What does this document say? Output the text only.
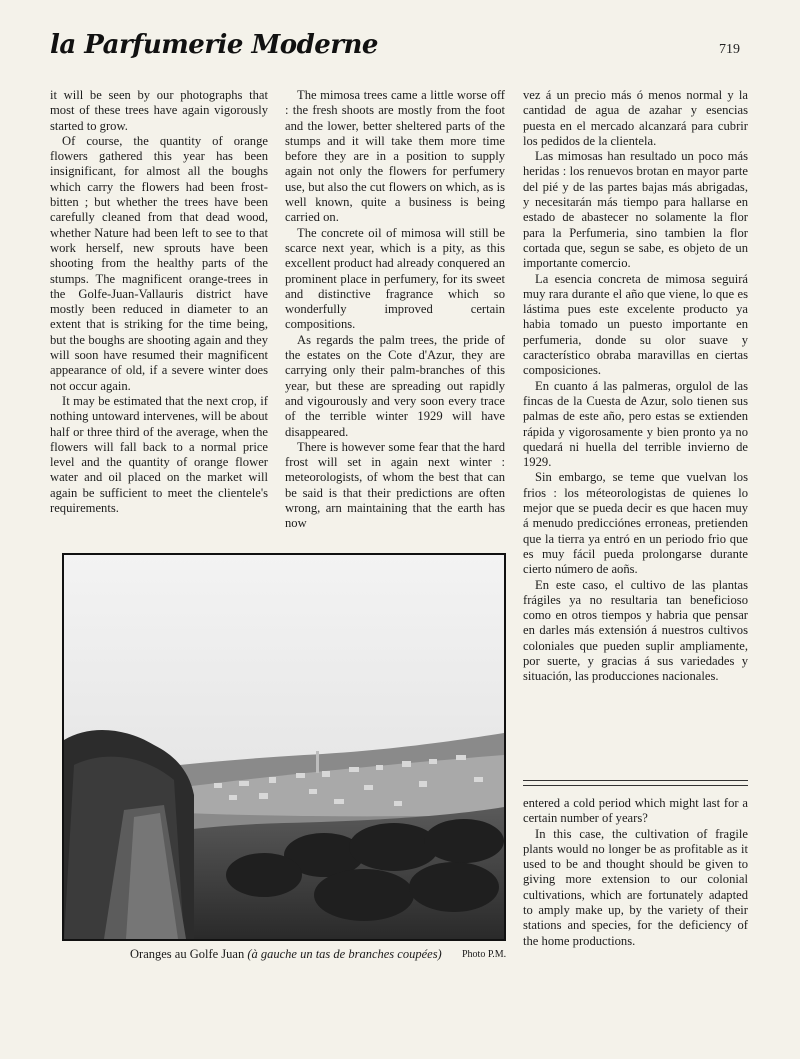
la Parfumerie Moderne	719

it will be seen by our photographs that most of these trees have again vigorously started to grow.

Of course, the quantity of orange flowers gathered this year has been insignificant, for almost all the boughs which carry the flowers had been frost-bitten ; but whether the trees have been carefully cleaned from that dead wood, whether Nature had been left to see to that work herself, new sprouts have been shooting from the healthy parts of the stumps. The magnificent orange-trees in the Golfe-Juan-Vallauris district have mostly been reduced in diameter to an extent that is striking for the time being, but the boughs are shooting again and they will soon have resumed their magnificent appearance of old, if a severe winter does not occur again.

It may be estimated that the next crop, if nothing untoward intervenes, will be about half or three third of the average, when the flowers will fall back to a normal price level and the quantity of orange flower water and oil placed on the market will again be sufficient to meet the clientele's requirements.

The mimosa trees came a little worse off : the fresh shoots are mostly from the foot and the lower, better sheltered parts of the stumps and it will take them more time before they are in a position to supply again not only the flowers for perfumery use, but also the cut flowers on which, as is well known, quite a business is being carried on.

The concrete oil of mimosa will still be scarce next year, which is a pity, as this excellent product had already conquered an prominent place in perfumery, for its sweet and distinctive fragrance which so wonderfully improved certain compositions.

As regards the palm trees, the pride of the estates on the Cote d'Azur, they are carrying only their palm-branches of this year, but these are spreading out rapidly and vigourously and very soon every trace of the terrible winter 1929 will have disappeared.

There is however some fear that the hard frost will set in again next winter : meteorologists, of whom the best that can be said is that their predictions are often wrong, arn maintaining that the earth has now

vez á un precio más ó menos normal y la cantidad de agua de azahar y esencias puesta en el mercado alcanzará para cubrir los pedidos de la clientela.

Las mimosas han resultado un poco más heridas : los renuevos brotan en mayor parte del pié y de las partes bajas más abrigadas, y necesitarán más tiempo para hallarse en estado de abastecer no solamente la flor para la Perfumeria, sino tambien la flor cortada que, segun se sabe, es objeto de un importante comercio.

La esencia concreta de mimosa seguirá muy rara durante el año que viene, lo que es lástima pues este excelente producto ya habia tomado un puesto importante en perfumeria, donde su olor suave y característico obraba maravillas en ciertas composiciones.

En cuanto á las palmeras, orgulol de las fincas de la Cuesta de Azur, solo tienen sus palmas de este año, pero estas se extienden rápida y vigorosamente y bien pronto ya no quedará ni huella del terrible invierno de 1929.

Sin embargo, se teme que vuelvan los frios : los méteorologistas de quienes lo mejor que se pueda decir es que hacen muy á menudo predicciónes erroneas, pretienden que la tierra ya entró en un periodo frio que es muy fácil pueda prolongarse durante cierto número de aoñs.

En este caso, el cultivo de las plantas frágiles ya no resultaria tan beneficioso como en otros tiempos y habria que pensar en darles más extensión á nuestros cultivos coloniales que pueden suplir ampliamente, por suerte, y gracias á sus variedades y situación, las producciones nacionales.

entered a cold period which might last for a certain number of years?

In this case, the cultivation of fragile plants would no longer be as profitable as it used to be and thought should be given to giving more extension to our colonial cultivations, which are fortunately adapted to amply make up, by the variety of their stations and species, for the deficiency of the home productions.

Oranges au Golfe Juan (à gauche un tas de branches coupées) Photo P.M.
